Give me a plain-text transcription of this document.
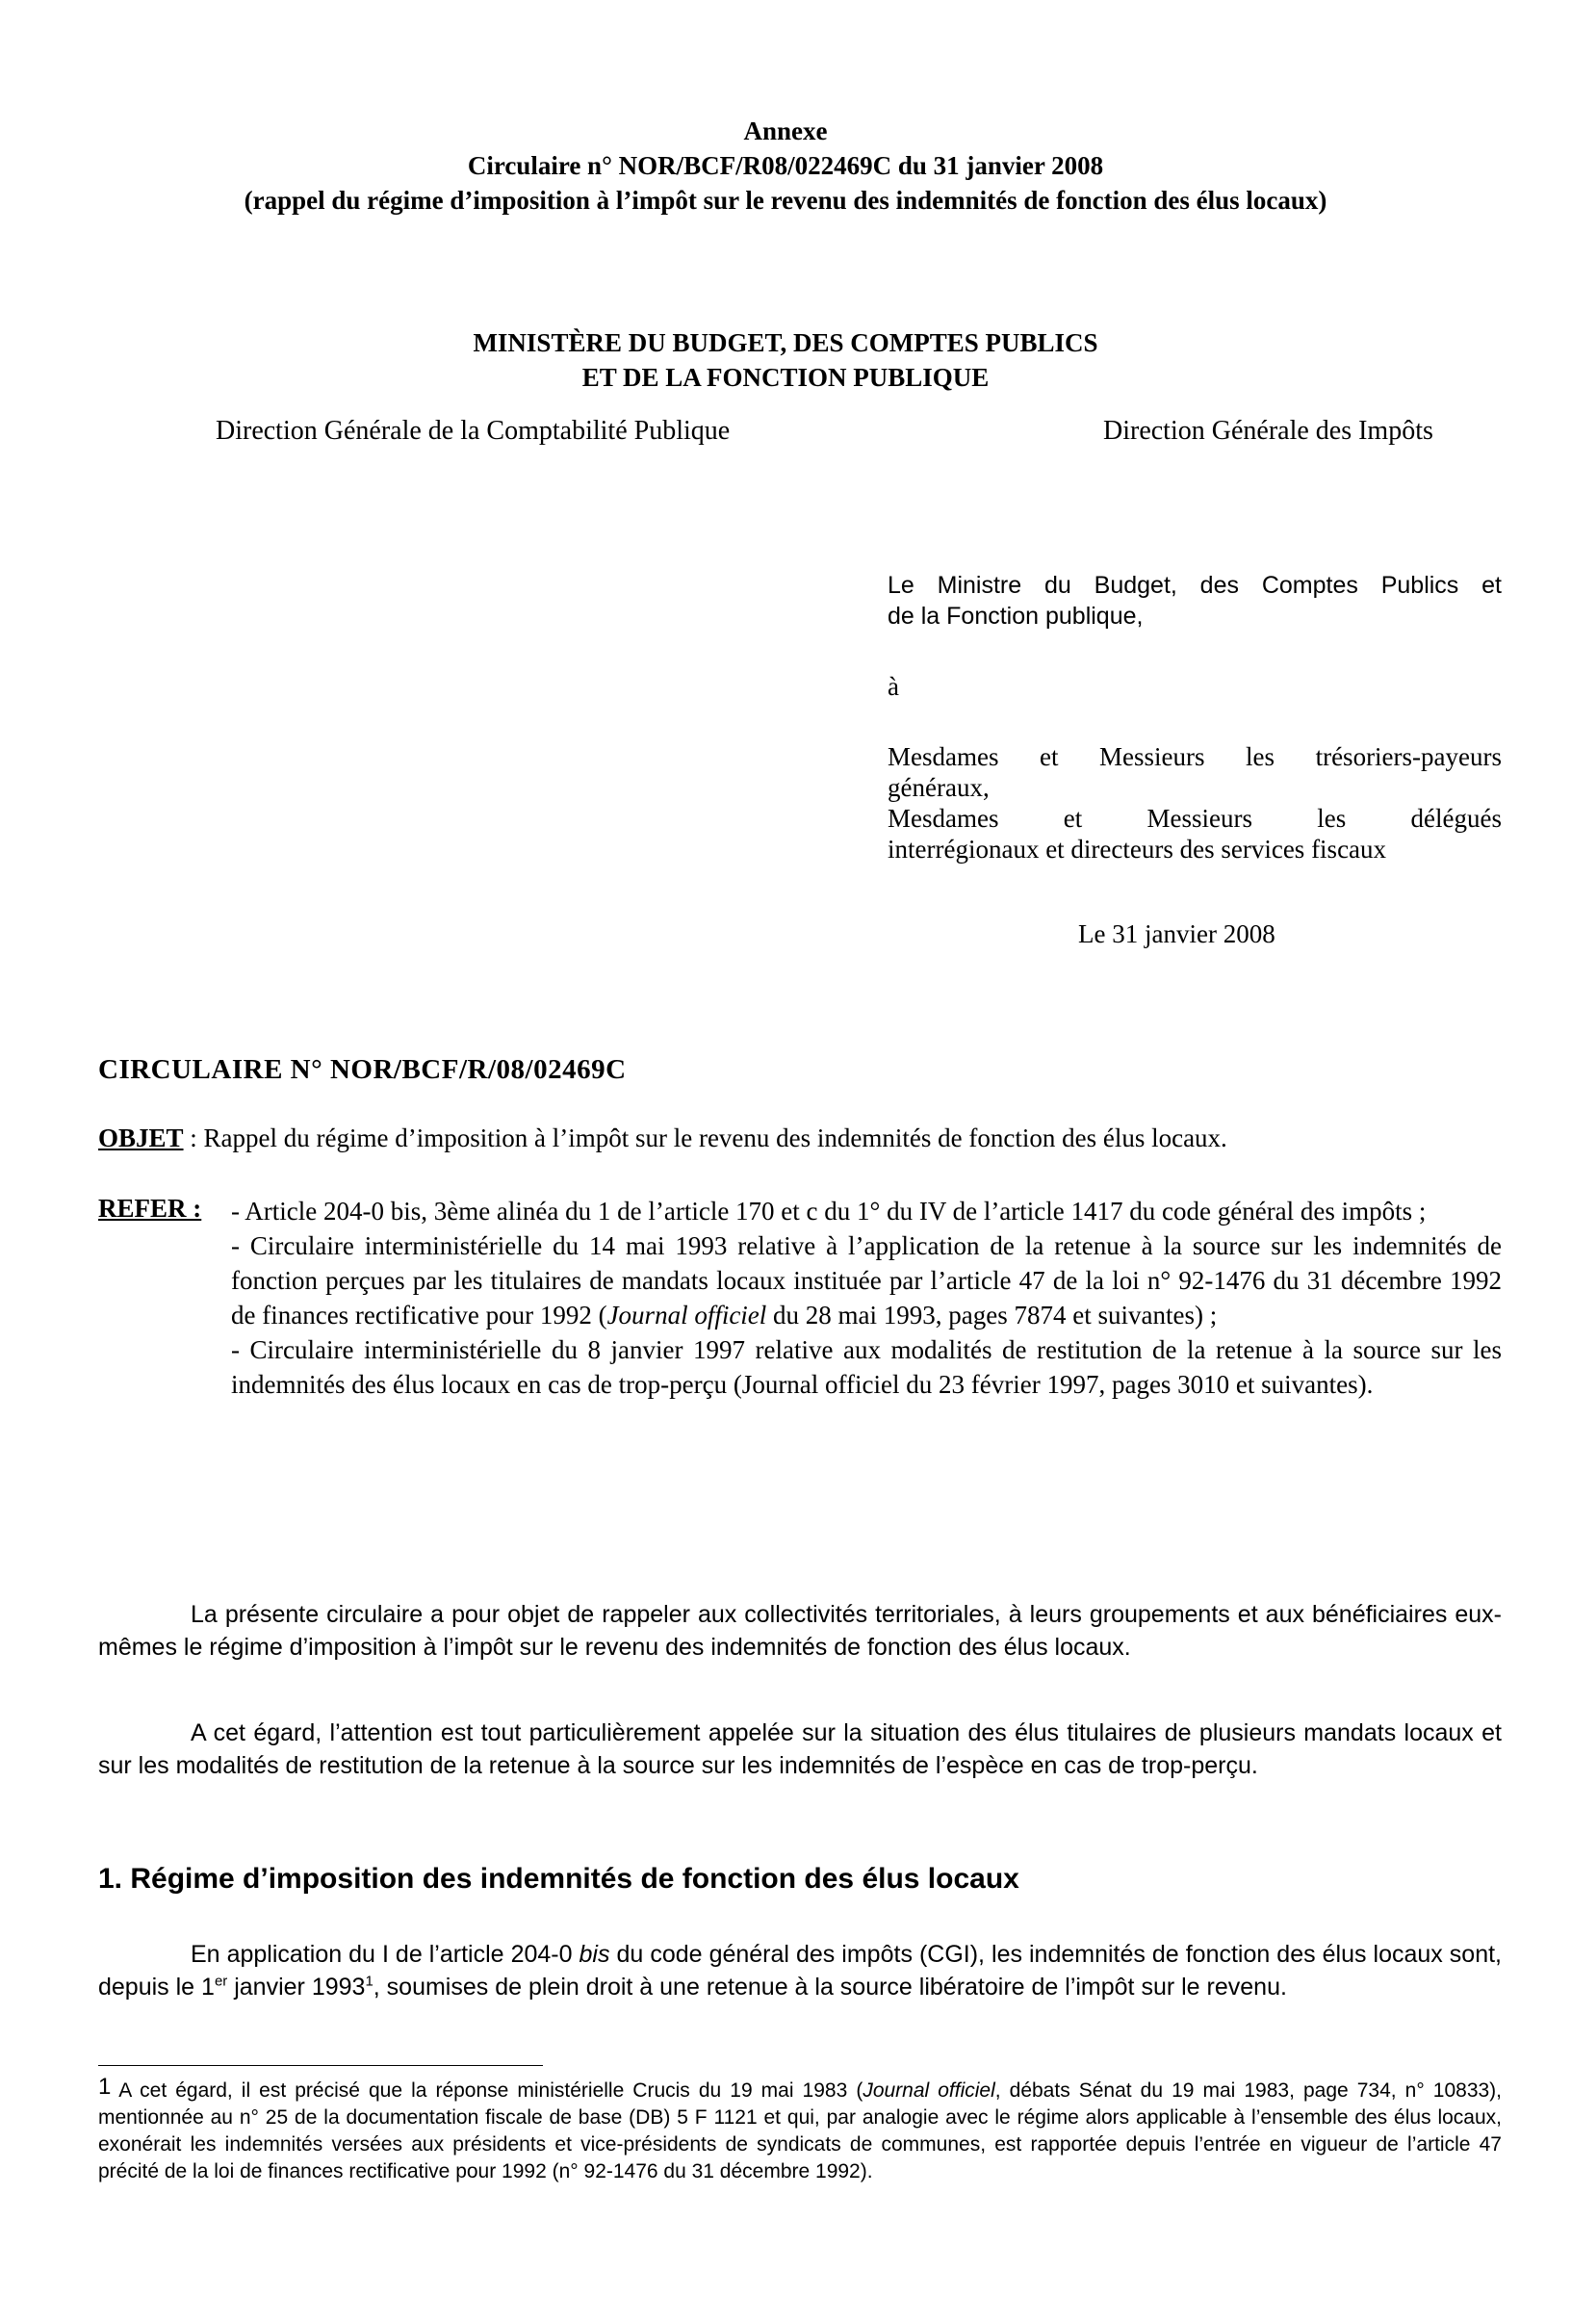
Annexe
Circulaire n° NOR/BCF/R08/022469C du 31 janvier 2008
(rappel du régime d’imposition à l’impôt sur le revenu des indemnités de fonction des élus locaux)
MINISTÈRE DU BUDGET, DES COMPTES PUBLICS
ET DE LA FONCTION PUBLIQUE
Direction Générale de la Comptabilité Publique	Direction Générale des Impôts
Le Ministre du Budget, des Comptes Publics et
de la Fonction publique,
à
Mesdames et Messieurs les trésoriers-payeurs
généraux,
Mesdames et Messieurs les délégués
interrégionaux et directeurs des services fiscaux
Le 31 janvier 2008
CIRCULAIRE N° NOR/BCF/R/08/02469C
OBJET : Rappel du régime d’imposition à l’impôt sur le revenu des indemnités de fonction des élus locaux.
REFER : - Article 204-0 bis, 3ème alinéa du 1 de l’article 170 et c du 1° du IV de l’article 1417 du code général des impôts ;
- Circulaire interministérielle du 14 mai 1993 relative à l’application de la retenue à la source sur les indemnités de fonction perçues par les titulaires de mandats locaux instituée par l’article 47 de la loi n° 92-1476 du 31 décembre 1992 de finances rectificative pour 1992 (Journal officiel du 28 mai 1993, pages 7874 et suivantes) ;
- Circulaire interministérielle du 8 janvier 1997 relative aux modalités de restitution de la retenue à la source sur les indemnités des élus locaux en cas de trop-perçu (Journal officiel du 23 février 1997, pages 3010 et suivantes).
La présente circulaire a pour objet de rappeler aux collectivités territoriales, à leurs groupements et aux bénéficiaires eux-mêmes le régime d’imposition à l’impôt sur le revenu des indemnités de fonction des élus locaux.
A cet égard, l’attention est tout particulièrement appelée sur la situation des élus titulaires de plusieurs mandats locaux et sur les modalités de restitution de la retenue à la source sur les indemnités de l’espèce en cas de trop-perçu.
1. Régime d’imposition des indemnités de fonction des élus locaux
En application du I de l’article 204-0 bis du code général des impôts (CGI), les indemnités de fonction des élus locaux sont, depuis le 1er janvier 1993$^1$, soumises de plein droit à une retenue à la source libératoire de l’impôt sur le revenu.
1 A cet égard, il est précisé que la réponse ministérielle Crucis du 19 mai 1983 (Journal officiel, débats Sénat du 19 mai 1983, page 734, n° 10833), mentionnée au n° 25 de la documentation fiscale de base (DB) 5 F 1121 et qui, par analogie avec le régime alors applicable à l’ensemble des élus locaux, exonérait les indemnités versées aux présidents et vice-présidents de syndicats de communes, est rapportée depuis l’entrée en vigueur de l’article 47 précité de la loi de finances rectificative pour 1992 (n° 92-1476 du 31 décembre 1992).
